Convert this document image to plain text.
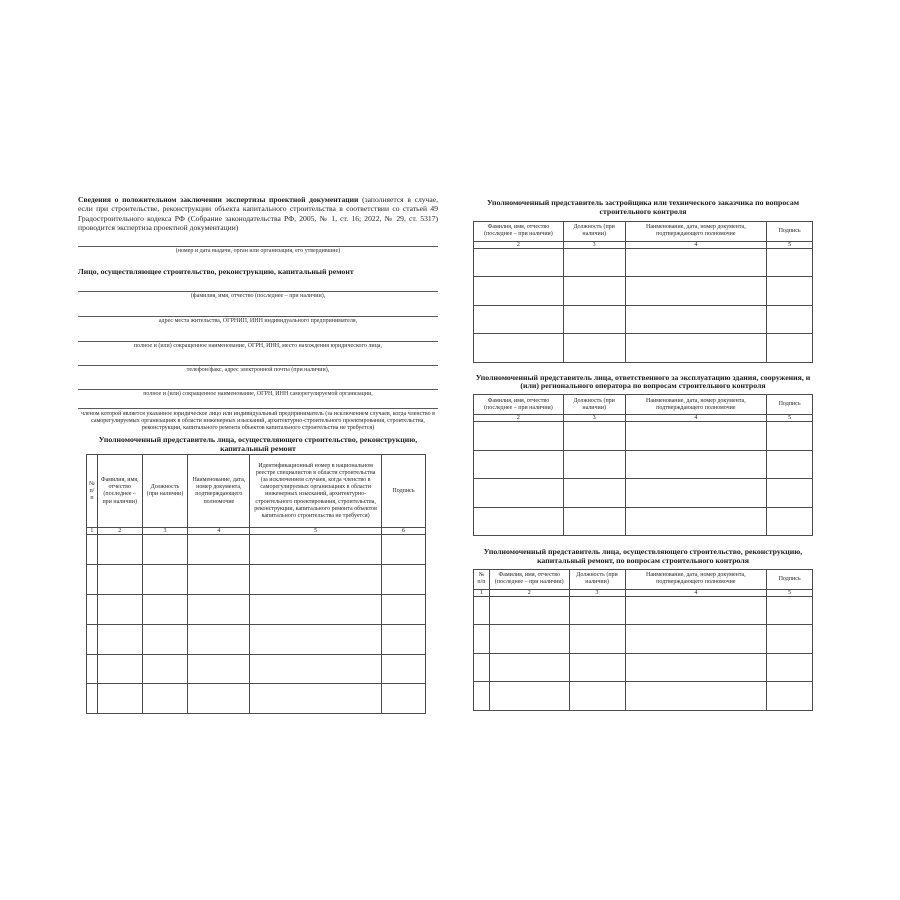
Сведения о положительном заключении экспертизы проектной документации (заполняется в случае, если при строительстве, реконструкции объекта капитального строительства в соответствии со статьей 49 Градостроительного кодекса РФ (Собрание законодательства РФ, 2005, № 1, ст. 16; 2022, № 29, ст. 5317) проводится экспертиза проектной документации)
(номер и дата выдачи, орган или организация, его утвердившие)
Лицо, осуществляющее строительство, реконструкцию, капитальный ремонт
(фамилия, имя, отчество (последнее – при наличии),
адрес места жительства, ОГРНИП, ИНН индивидуального предпринимателя,
полное и (или) сокращенное наименование, ОГРН, ИНН, место нахождения юридического лица,
телефон/факс, адрес электронной почты (при наличии),
полное и (или) сокращенное наименование, ОГРН, ИНН саморегулируемой организации,
членом которой является указанное юридическое лицо или индивидуальный предприниматель (за исключением случаев, когда членство в саморегулируемых организациях в области инженерных изысканий, архитектурно-строительного проектирования, строительства, реконструкции, капитального ремонта объектов капитального строительства не требуется)
Уполномоченный представитель лица, осуществляющего строительство, реконструкцию, капитальный ремонт
№ п/п	Фамилия, имя, отчество (последнее – при наличии)	Должность (при наличии)	Наименование, дата, номер документа, подтверждающего полномочие	Идентификационный номер в национальном реестре специалистов в области строительства (за исключением случаев, когда членство в саморегулируемых организациях в области инженерных изысканий, архитектурно-строительного проектирования, строительства, реконструкции, капитального ремонта объектов капитального строительства не требуется)	Подпись
1	2	3	4	5	6

Уполномоченный представитель застройщика или технического заказчика по вопросам строительного контроля
Фамилия, имя, отчество (последнее – при наличии)	Должность (при наличии)	Наименование, дата, номер документа, подтверждающего полномочие	Подпись
2	3	4	5

Уполномоченный представитель лица, ответственного за эксплуатацию здания, сооружения, и (или) регионального оператора по вопросам строительного контроля
Фамилия, имя, отчество (последнее – при наличии)	Должность (при наличии)	Наименование, дата, номер документа, подтверждающего полномочие	Подпись
2	3	4	5

Уполномоченный представитель лица, осуществляющего строительство, реконструкцию, капитальный ремонт, по вопросам строительного контроля
№ п/п	Фамилия, имя, отчество (последнее – при наличии)	Должность (при наличии)	Наименование, дата, номер документа, подтверждающего полномочие	Подпись
1	2	3	4	5
